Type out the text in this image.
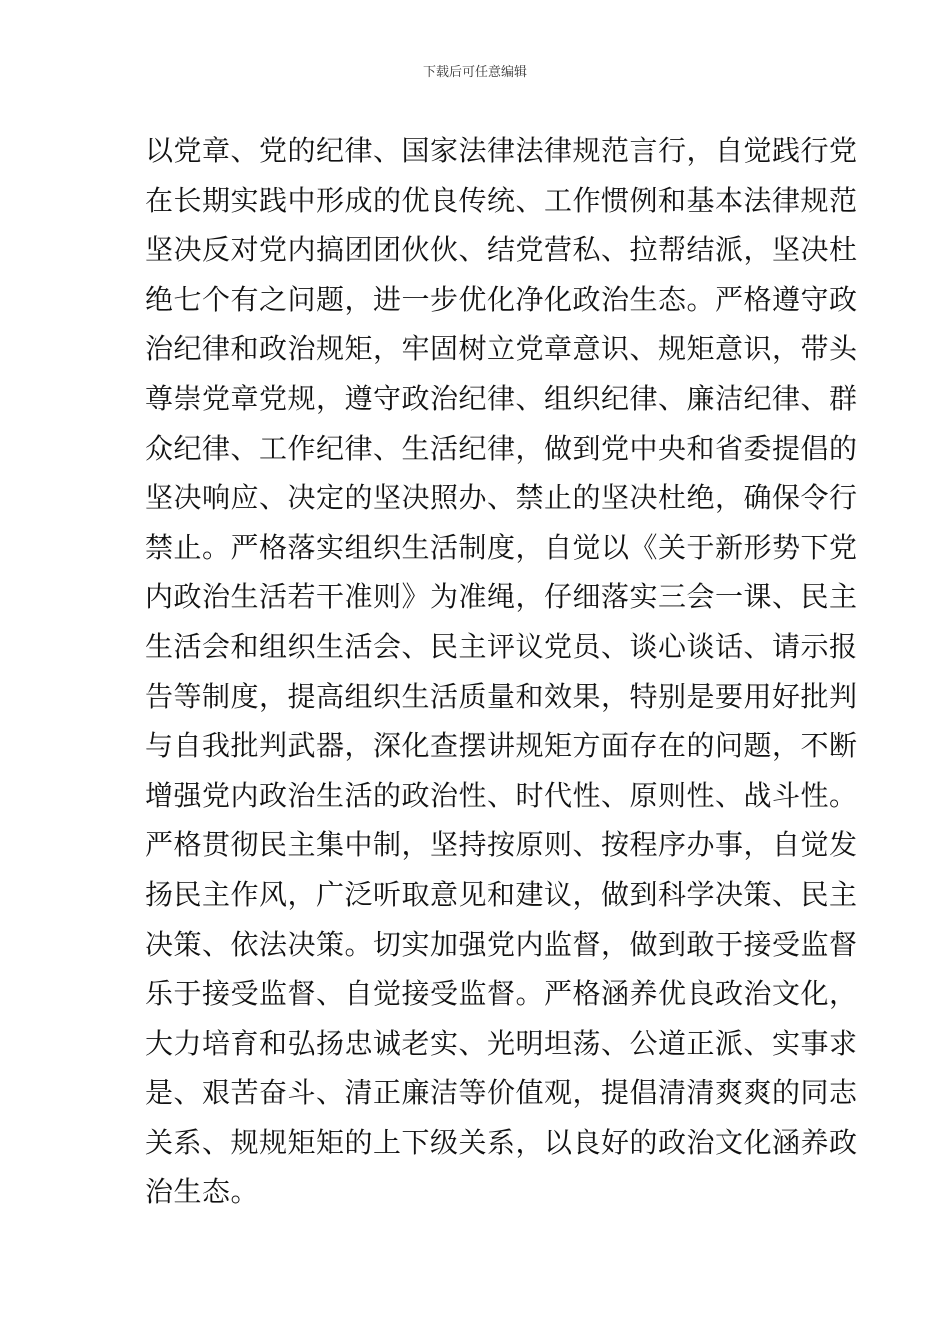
下载后可任意编辑
以党章、党的纪律、国家法律法律规范言行，自觉践行党
在长期实践中形成的优良传统、工作惯例和基本法律规范
坚决反对党内搞团团伙伙、结党营私、拉帮结派，坚决杜
绝七个有之问题，进一步优化净化政治生态。严格遵守政
治纪律和政治规矩，牢固树立党章意识、规矩意识，带头
尊崇党章党规，遵守政治纪律、组织纪律、廉洁纪律、群
众纪律、工作纪律、生活纪律，做到党中央和省委提倡的
坚决响应、决定的坚决照办、禁止的坚决杜绝，确保令行
禁止。严格落实组织生活制度，自觉以《关于新形势下党
内政治生活若干准则》为准绳，仔细落实三会一课、民主
生活会和组织生活会、民主评议党员、谈心谈话、请示报
告等制度，提高组织生活质量和效果，特别是要用好批判
与自我批判武器，深化查摆讲规矩方面存在的问题，不断
增强党内政治生活的政治性、时代性、原则性、战斗性。
严格贯彻民主集中制，坚持按原则、按程序办事，自觉发
扬民主作风，广泛听取意见和建议，做到科学决策、民主
决策、依法决策。切实加强党内监督，做到敢于接受监督
乐于接受监督、自觉接受监督。严格涵养优良政治文化，
大力培育和弘扬忠诚老实、光明坦荡、公道正派、实事求
是、艰苦奋斗、清正廉洁等价值观，提倡清清爽爽的同志
关系、规规矩矩的上下级关系，以良好的政治文化涵养政
治生态。
